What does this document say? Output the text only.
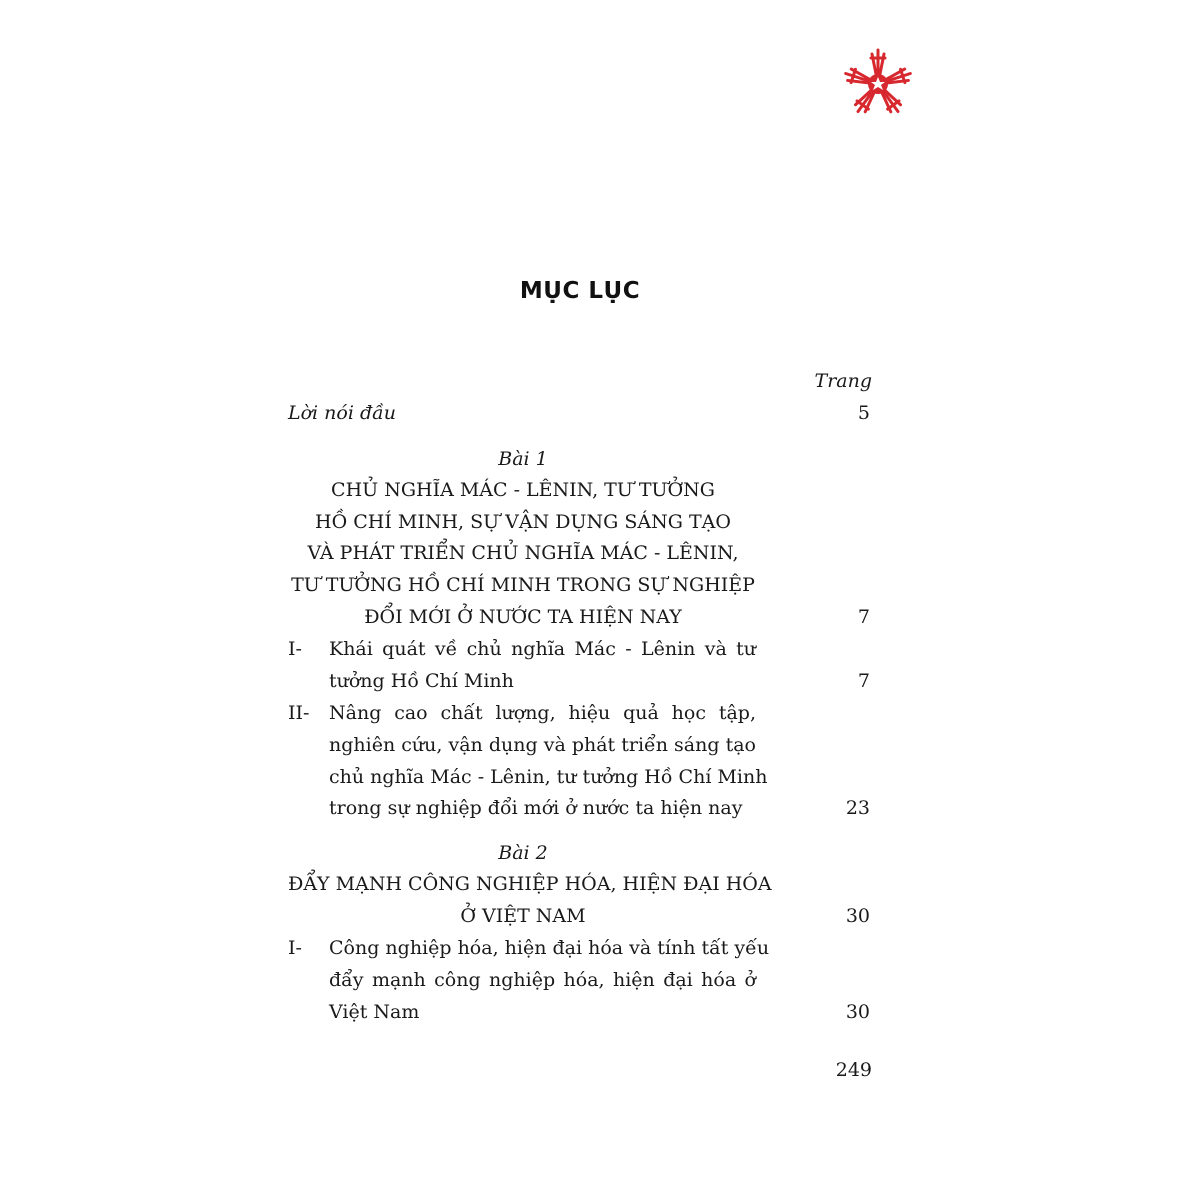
MỤC LỤC
Trang
Lời nói đầu	5
Bài 1
CHỦ NGHĨA MÁC - LÊNIN, TƯ TƯỞNG
HỒ CHÍ MINH, SỰ VẬN DỤNG SÁNG TẠO
VÀ PHÁT TRIỂN CHỦ NGHĨA MÁC - LÊNIN,
TƯ TƯỞNG HỒ CHÍ MINH TRONG SỰ NGHIỆP
ĐỔI MỚI Ở NƯỚC TA HIỆN NAY	7
I- Khái quát về chủ nghĩa Mác - Lênin và tư
tưởng Hồ Chí Minh	7
II- Nâng cao chất lượng, hiệu quả học tập,
nghiên cứu, vận dụng và phát triển sáng tạo
chủ nghĩa Mác - Lênin, tư tưởng Hồ Chí Minh
trong sự nghiệp đổi mới ở nước ta hiện nay	23
Bài 2
ĐẨY MẠNH CÔNG NGHIỆP HÓA, HIỆN ĐẠI HÓA
Ở VIỆT NAM	30
I- Công nghiệp hóa, hiện đại hóa và tính tất yếu
đẩy mạnh công nghiệp hóa, hiện đại hóa ở
Việt Nam	30
249
